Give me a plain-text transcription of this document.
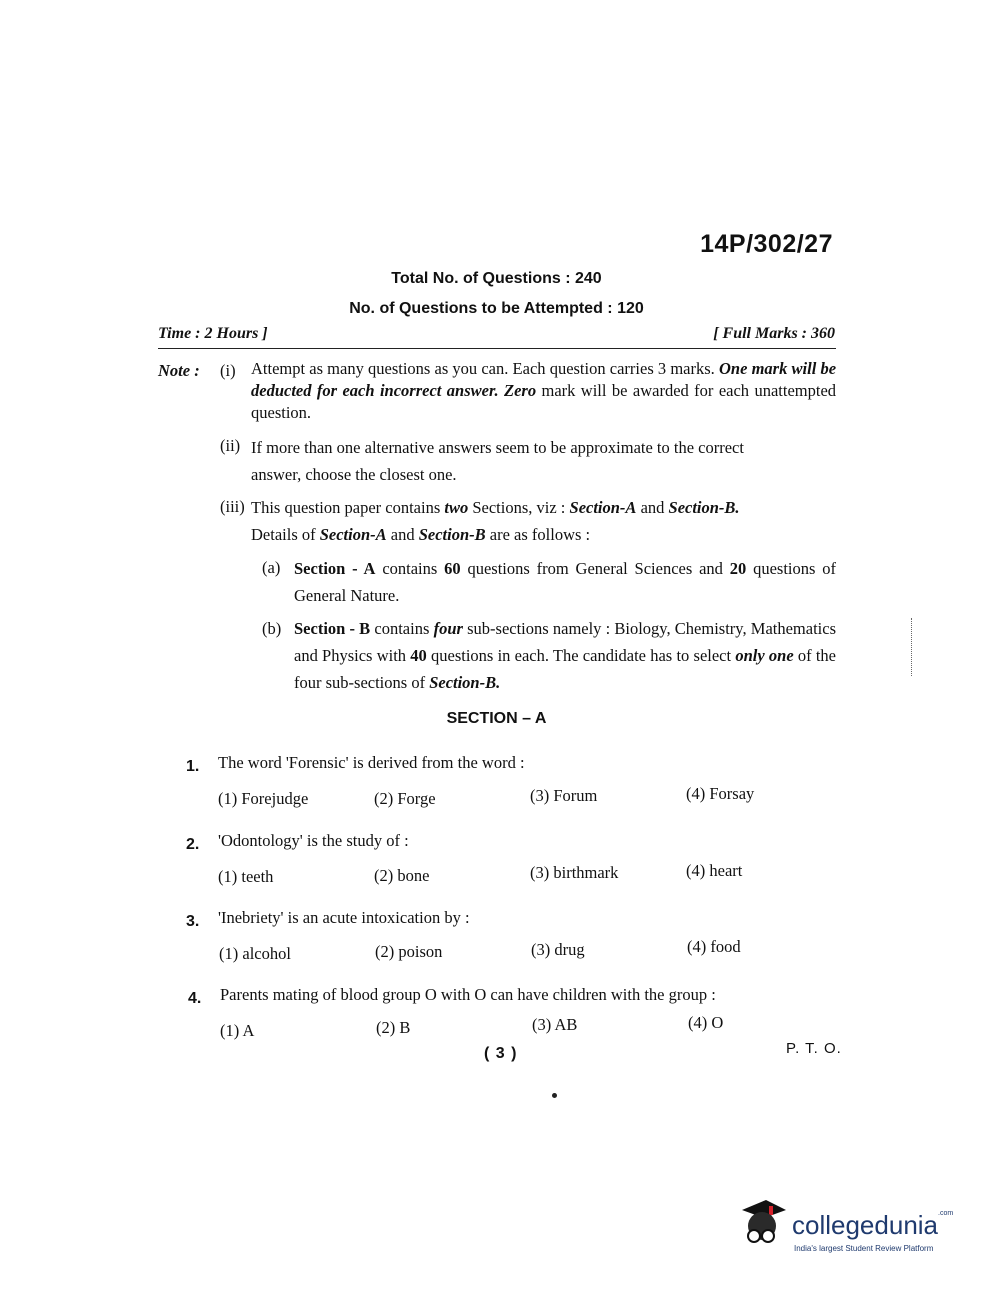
14P/302/27
Total No. of Questions : 240
No. of Questions to be Attempted : 120
Time : 2 Hours ]	[ Full Marks : 360
Note : (i) Attempt as many questions as you can. Each question carries 3 marks. One mark will be deducted for each incorrect answer. Zero mark will be awarded for each unattempted question.
(ii) If more than one alternative answers seem to be approximate to the correct
answer, choose the closest one.
(iii) This question paper contains two Sections, viz : Section-A and Section-B.
Details of Section-A and Section-B are as follows :
(a) Section - A contains 60 questions from General Sciences and 20 questions of General Nature.
(b) Section - B contains four sub-sections namely : Biology, Chemistry, Mathematics and Physics with 40 questions in each. The candidate has to select only one of the four sub-sections of Section-B.
SECTION – A
1. The word 'Forensic' is derived from the word :
(1) Forejudge	(2) Forge	(3) Forum	(4) Forsay
2. 'Odontology' is the study of :
(1) teeth	(2) bone	(3) birthmark	(4) heart
3. 'Inebriety' is an acute intoxication by :
(1) alcohol	(2) poison	(3) drug	(4) food
4. Parents mating of blood group O with O can have children with the group :
(1) A	(2) B	(3) AB	(4) O
( 3 )	P. T. O.
collegedunia$^{.com}$
India's largest Student Review Platform
